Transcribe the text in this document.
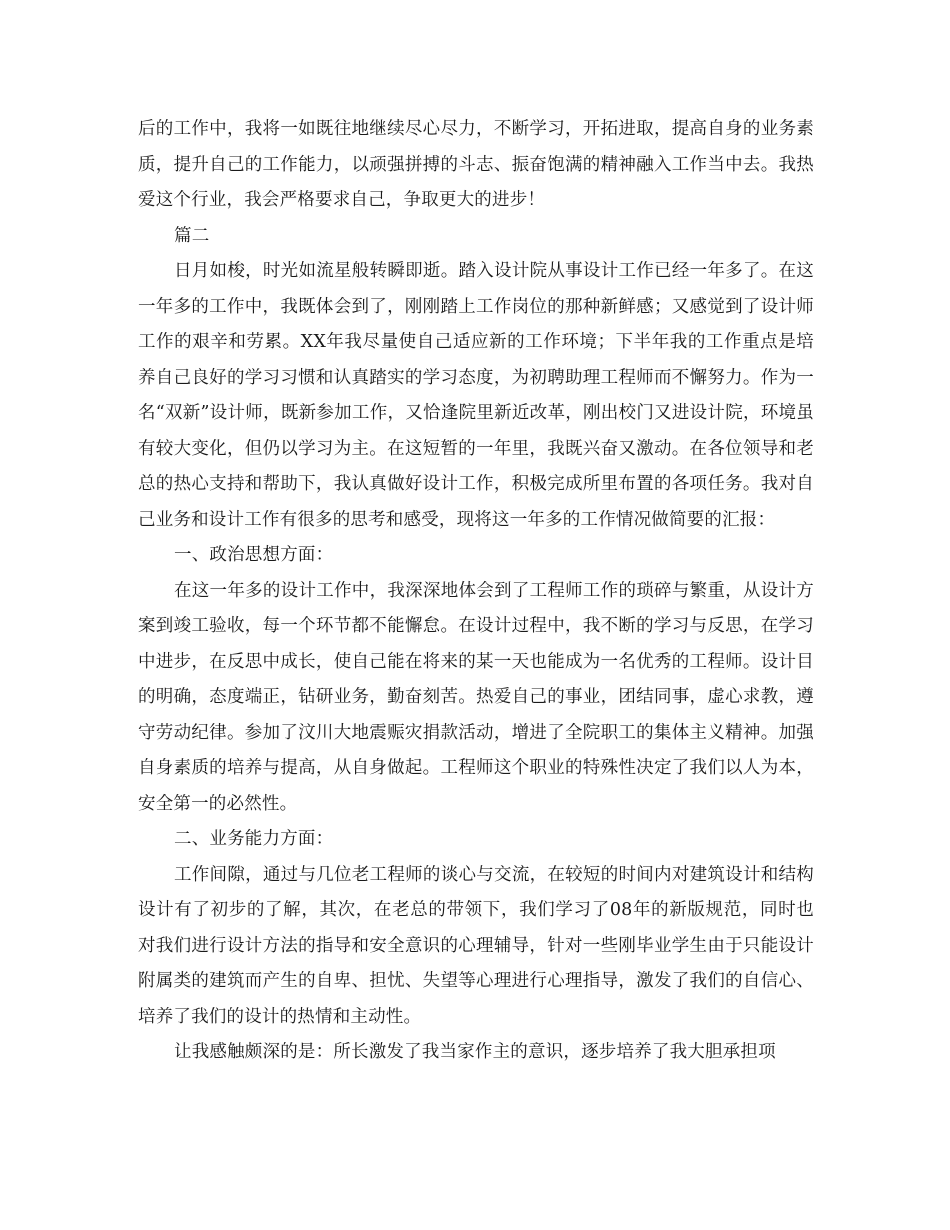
后的工作中，我将一如既往地继续尽心尽力，不断学习，开拓进取，提高自身的业务素质，提升自己的工作能力，以顽强拼搏的斗志、振奋饱满的精神融入工作当中去。我热爱这个行业，我会严格要求自己，争取更大的进步！

篇二

日月如梭，时光如流星般转瞬即逝。踏入设计院从事设计工作已经一年多了。在这一年多的工作中，我既体会到了，刚刚踏上工作岗位的那种新鲜感；又感觉到了设计师工作的艰辛和劳累。XX年我尽量使自己适应新的工作环境；下半年我的工作重点是培养自己良好的学习习惯和认真踏实的学习态度，为初聘助理工程师而不懈努力。作为一名“双新”设计师，既新参加工作，又恰逢院里新近改革，刚出校门又进设计院，环境虽有较大变化，但仍以学习为主。在这短暂的一年里，我既兴奋又激动。在各位领导和老总的热心支持和帮助下，我认真做好设计工作，积极完成所里布置的各项任务。我对自己业务和设计工作有很多的思考和感受，现将这一年多的工作情况做简要的汇报：

一、政治思想方面：

在这一年多的设计工作中，我深深地体会到了工程师工作的琐碎与繁重，从设计方案到竣工验收，每一个环节都不能懈怠。在设计过程中，我不断的学习与反思，在学习中进步，在反思中成长，使自己能在将来的某一天也能成为一名优秀的工程师。设计目的明确，态度端正，钻研业务，勤奋刻苦。热爱自己的事业，团结同事，虚心求教，遵守劳动纪律。参加了汶川大地震赈灾捐款活动，增进了全院职工的集体主义精神。加强自身素质的培养与提高，从自身做起。工程师这个职业的特殊性决定了我们以人为本，安全第一的必然性。

二、业务能力方面：

工作间隙，通过与几位老工程师的谈心与交流，在较短的时间内对建筑设计和结构设计有了初步的了解，其次，在老总的带领下，我们学习了08年的新版规范，同时也对我们进行设计方法的指导和安全意识的心理辅导，针对一些刚毕业学生由于只能设计附属类的建筑而产生的自卑、担忧、失望等心理进行心理指导，激发了我们的自信心、培养了我们的设计的热情和主动性。

让我感触颇深的是：所长激发了我当家作主的意识，逐步培养了我大胆承担项
